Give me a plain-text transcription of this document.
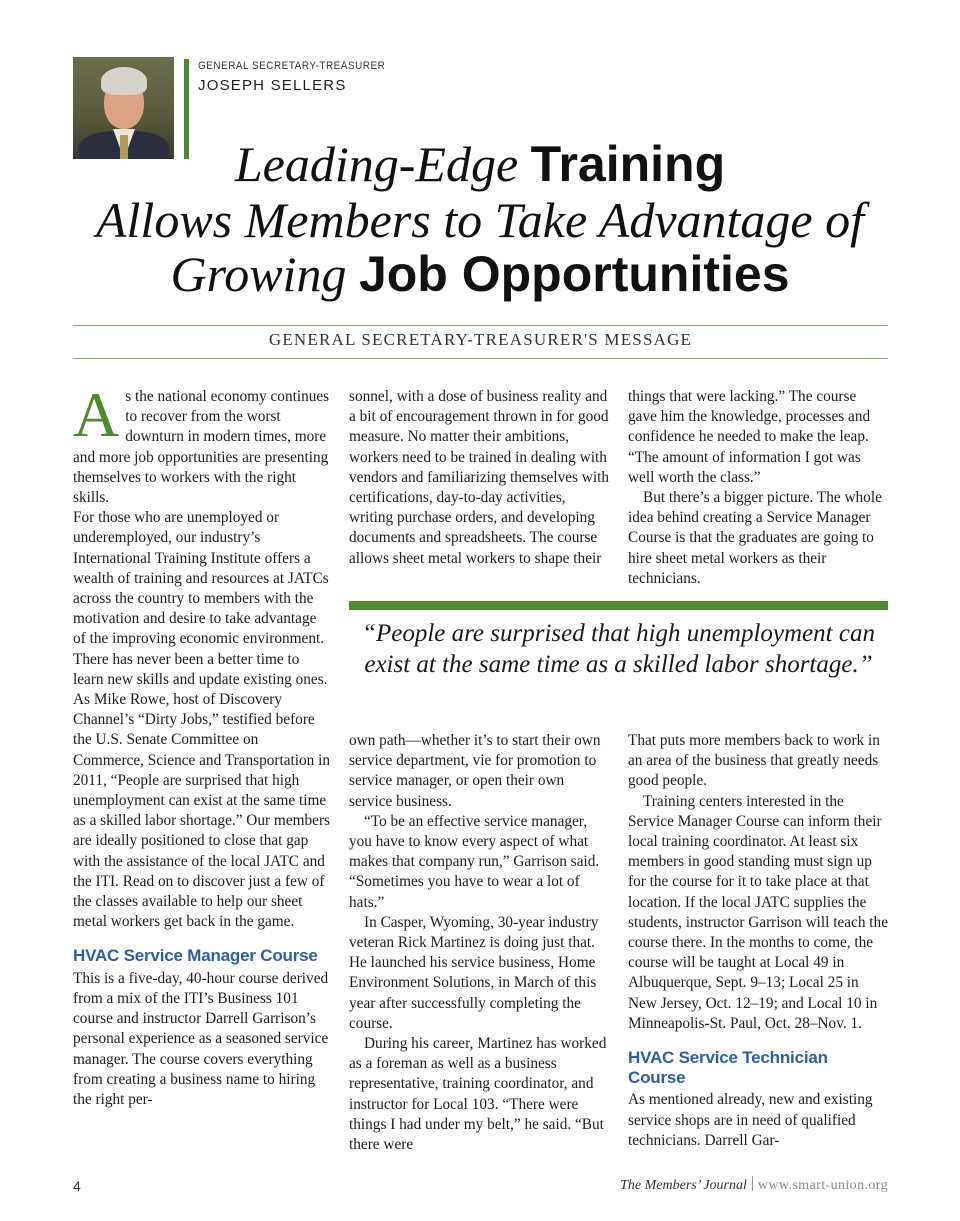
GENERAL SECRETARY-TREASURER
JOSEPH SELLERS
Leading-Edge Training
Allows Members to Take Advantage of
Growing Job Opportunities
GENERAL SECRETARY-TREASURER'S MESSAGE

As the national economy continues to recover from the worst downturn in modern times, more and more job opportunities are presenting themselves to workers with the right skills.

For those who are unemployed or underemployed, our industry’s International Training Institute offers a wealth of training and resources at JATCs across the country to members with the motivation and desire to take advantage of the improving economic environment. There has never been a better time to learn new skills and update existing ones. As Mike Rowe, host of Discovery Channel’s “Dirty Jobs,” testified before the U.S. Senate Committee on Commerce, Science and Transportation in 2011, “People are surprised that high unemployment can exist at the same time as a skilled labor shortage.” Our members are ideally positioned to close that gap with the assistance of the local JATC and the ITI. Read on to discover just a few of the classes available to help our sheet metal workers get back in the game.

HVAC Service Manager Course

This is a five-day, 40-hour course derived from a mix of the ITI’s Business 101 course and instructor Darrell Garrison’s personal experience as a seasoned service manager. The course covers everything from creating a business name to hiring the right per-

sonnel, with a dose of business reality and a bit of encouragement thrown in for good measure. No matter their ambitions, workers need to be trained in dealing with vendors and familiarizing themselves with certifications, day-to-day activities, writing purchase orders, and developing documents and spreadsheets. The course allows sheet metal workers to shape their

things that were lacking.” The course gave him the knowledge, processes and confidence he needed to make the leap. “The amount of information I got was well worth the class.”

But there’s a bigger picture. The whole idea behind creating a Service Manager Course is that the graduates are going to hire sheet metal workers as their technicians.

“People are surprised that high unemployment can exist at the same time as a skilled labor shortage.”

own path—whether it’s to start their own service department, vie for promotion to service manager, or open their own service business.

“To be an effective service manager, you have to know every aspect of what makes that company run,” Garrison said. “Sometimes you have to wear a lot of hats.”

In Casper, Wyoming, 30-year industry veteran Rick Martinez is doing just that. He launched his service business, Home Environment Solutions, in March of this year after successfully completing the course.

During his career, Martinez has worked as a foreman as well as a business representative, training coordinator, and instructor for Local 103. “There were things I had under my belt,” he said. “But there were

That puts more members back to work in an area of the business that greatly needs good people.

Training centers interested in the Service Manager Course can inform their local training coordinator. At least six members in good standing must sign up for the course for it to take place at that location. If the local JATC supplies the students, instructor Garrison will teach the course there. In the months to come, the course will be taught at Local 49 in Albuquerque, Sept. 9–13; Local 25 in New Jersey, Oct. 12–19; and Local 10 in Minneapolis-St. Paul, Oct. 28–Nov. 1.

HVAC Service Technician Course

As mentioned already, new and existing service shops are in need of qualified technicians. Darrell Gar-

4	The Members’ Journal www.smart-union.org
